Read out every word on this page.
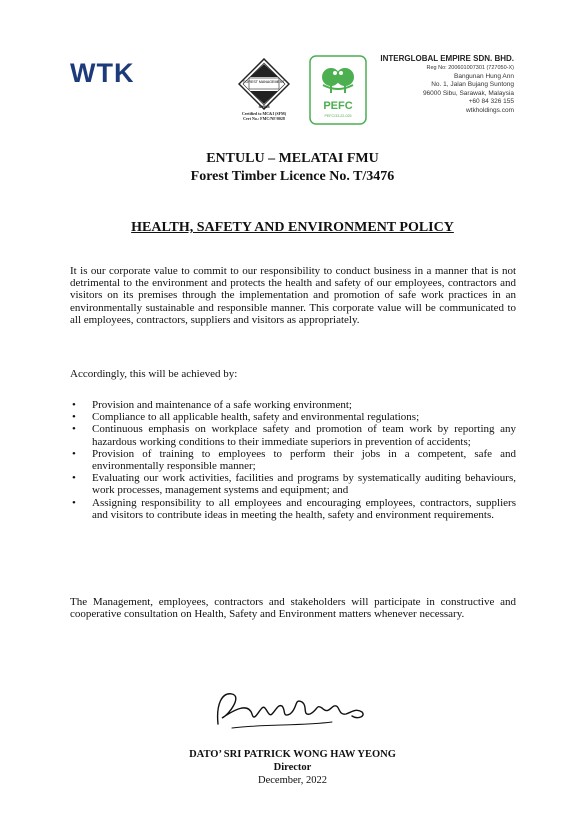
WTK	FOREST MANAGEMENT
SIRIM
Certified to MC&I (SFM)
Cert No.: FMC/NF/0028
PEFC
PEFC/33-22-025
INTERGLOBAL EMPIRE SDN. BHD.
Reg No: 200601007301 (727050-X)
Bangunan Hung Ann
No. 1, Jalan Bujang Suntong
96000 Sibu, Sarawak, Malaysia
+60 84 326 155
wtkholdings.com
ENTULU – MELATAI FMU
Forest Timber Licence No. T/3476
HEALTH, SAFETY AND ENVIRONMENT POLICY
It is our corporate value to commit to our responsibility to conduct business in a manner that is not detrimental to the environment and protects the health and safety of our employees, contractors and visitors on its premises through the implementation and promotion of safe work practices in an environmentally sustainable and responsible manner. This corporate value will be communicated to all employees, contractors, suppliers and visitors as appropriately.
Accordingly, this will be achieved by:
• Provision and maintenance of a safe working environment;
• Compliance to all applicable health, safety and environmental regulations;
• Continuous emphasis on workplace safety and promotion of team work by reporting any hazardous working conditions to their immediate superiors in prevention of accidents;
• Provision of training to employees to perform their jobs in a competent, safe and environmentally responsible manner;
• Evaluating our work activities, facilities and programs by systematically auditing behaviours, work processes, management systems and equipment; and
• Assigning responsibility to all employees and encouraging employees, contractors, suppliers and visitors to contribute ideas in meeting the health, safety and environment requirements.
The Management, employees, contractors and stakeholders will participate in constructive and cooperative consultation on Health, Safety and Environment matters whenever necessary.
DATO’ SRI PATRICK WONG HAW YEONG
Director
December, 2022
